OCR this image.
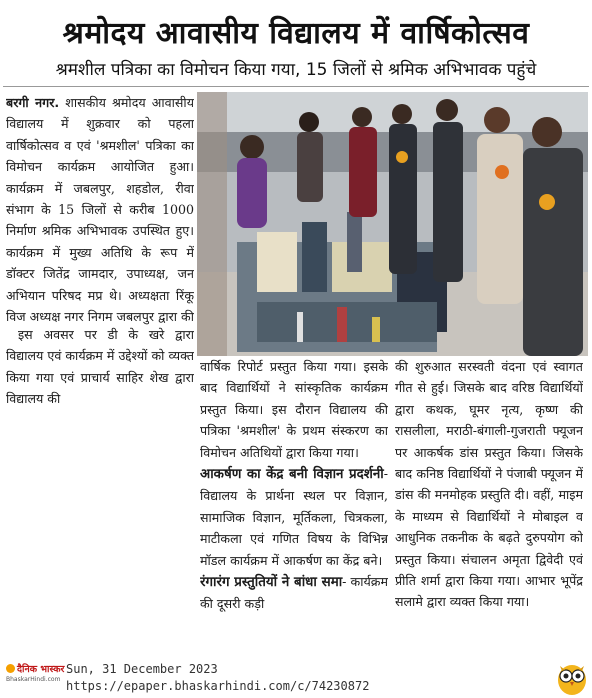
श्रमोदय आवासीय विद्यालय में वार्षिकोत्सव
श्रमशील पत्रिका का विमोचन किया गया, 15 जिलों से श्रमिक अभिभावक पहुंचे

बरगी नगर. शासकीय श्रमोदय आवासीय विद्यालय में शुक्रवार को पहला वार्षिकोत्सव व एवं 'श्रमशील' पत्रिका का विमोचन कार्यक्रम आयोजित हुआ। कार्यक्रम में जबलपुर, शहडोल, रीवा संभाग के 15 जिलों से करीब 1000 निर्माण श्रमिक अभिभावक उपस्थित हुए। कार्यक्रम में मुख्य अतिथि के रूप में डॉक्टर जितेंद्र जामदार, उपाध्यक्ष, जन अभियान परिषद मप्र थे। अध्यक्षता रिंकू विज अध्यक्ष नगर निगम जबलपुर द्वारा की

इस अवसर पर डी के खरे द्वारा विद्यालय एवं कार्यक्रम में उद्देश्यों को व्यक्त किया गया एवं प्राचार्य साहिर शेख द्वारा विद्यालय की

वार्षिक रिपोर्ट प्रस्तुत किया गया। इसके बाद विद्यार्थियों ने सांस्कृतिक कार्यक्रम प्रस्तुत किया। इस दौरान विद्यालय की पत्रिका 'श्रमशील' के प्रथम संस्करण का विमोचन अतिथियों द्वारा किया गया।

आकर्षण का केंद्र बनी विज्ञान प्रदर्शनी- विद्यालय के प्रार्थना स्थल पर विज्ञान, सामाजिक विज्ञान, मूर्तिकला, चित्रकला, माटीकला एवं गणित विषय के विभिन्न मॉडल कार्यक्रम में आकर्षण का केंद्र बने।

रंगारंग प्रस्तुतियों ने बांधा समा- कार्यक्रम की दूसरी कड़ी

की शुरुआत सरस्वती वंदना एवं स्वागत गीत से हुई। जिसके बाद वरिष्ठ विद्यार्थियों द्वारा कथक, घूमर नृत्य, कृष्ण की रासलीला, मराठी-बंगाली-गुजराती फ्यूजन पर आकर्षक डांस प्रस्तुत किया। जिसके बाद कनिष्ठ विद्यार्थियों ने पंजाबी फ्यूजन में डांस की मनमोहक प्रस्तुति दी। वहीं, माइम के माध्यम से विद्यार्थियों ने मोबाइल व आधुनिक तकनीक के बढ़ते दुरुपयोग को प्रस्तुत किया। संचालन अमृता द्विवेदी एवं प्रीति शर्मा द्वारा किया गया। आभार भूपेंद्र सलामे द्वारा व्यक्त किया गया।

दैनिक भास्कर
BhaskarHindi.com
Sun, 31 December 2023
https://epaper.bhaskarhindi.com/c/74230872
